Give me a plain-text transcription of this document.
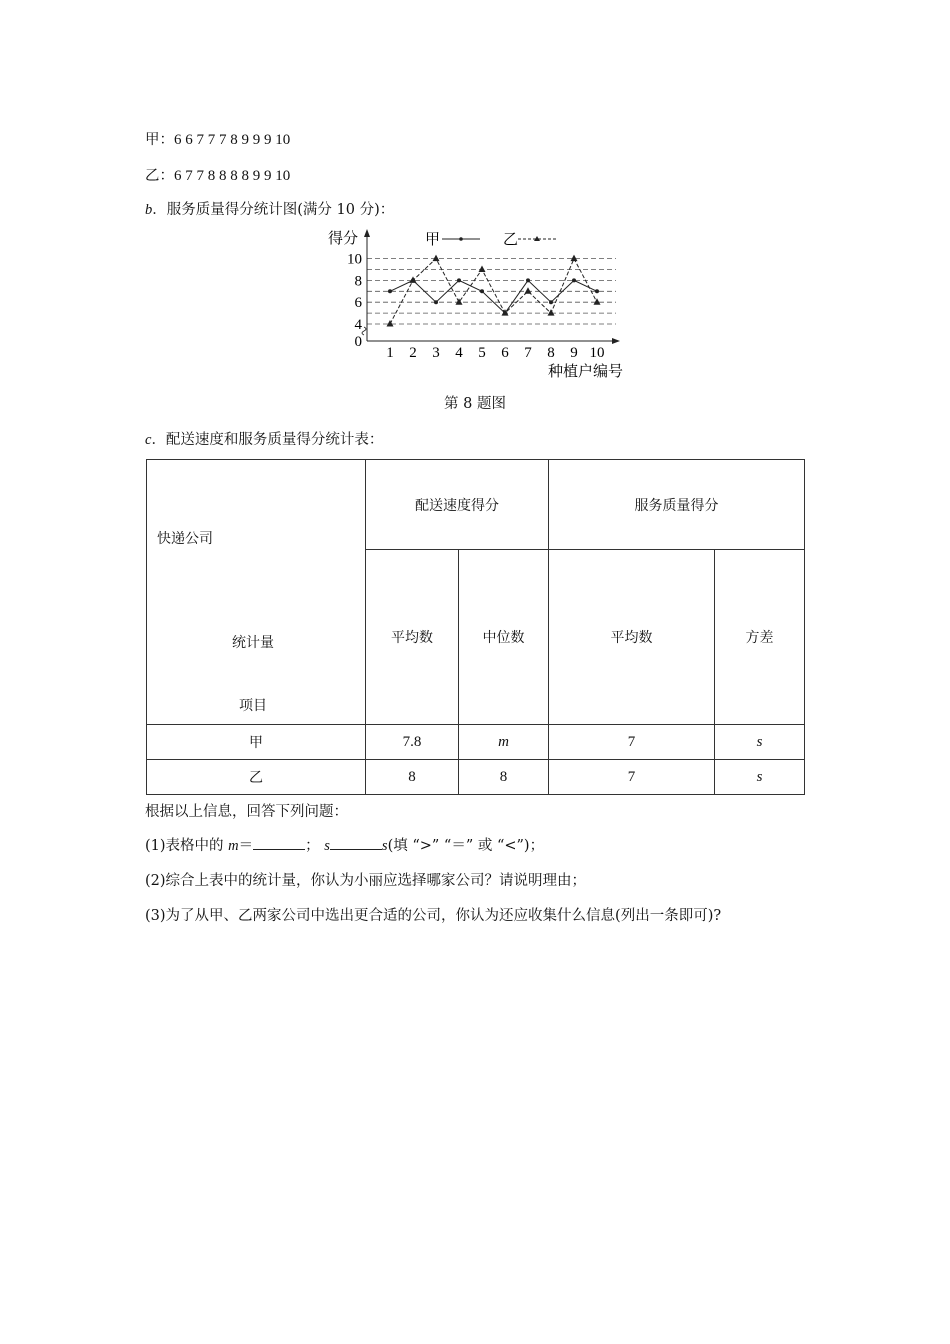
甲：6 6 7 7 7 8 9 9 9 10
乙：6 7 7 8 8 8 8 9 9 10
b．服务质量得分统计图(满分 10 分)：
得分
0
4
6
8
10
1 2 3 4 5 6 7 8 9 10
种植户编号
甲	乙
第 8 题图
c．配送速度和服务质量得分统计表：
快递公司
统计量
项目	配送速度得分		服务质量得分	
	平均数	中位数	平均数	方差
甲	7.8	m	7	s
乙	8	8	7	s
根据以上信息，回答下列问题：
(1)表格中的 m＝	； s	s(填 “>” “＝” 或 “<”)；
(2)综合上表中的统计量，你认为小丽应选择哪家公司？请说明理由；
(3)为了从甲、乙两家公司中选出更合适的公司，你认为还应收集什么信息(列出一条即可)?
